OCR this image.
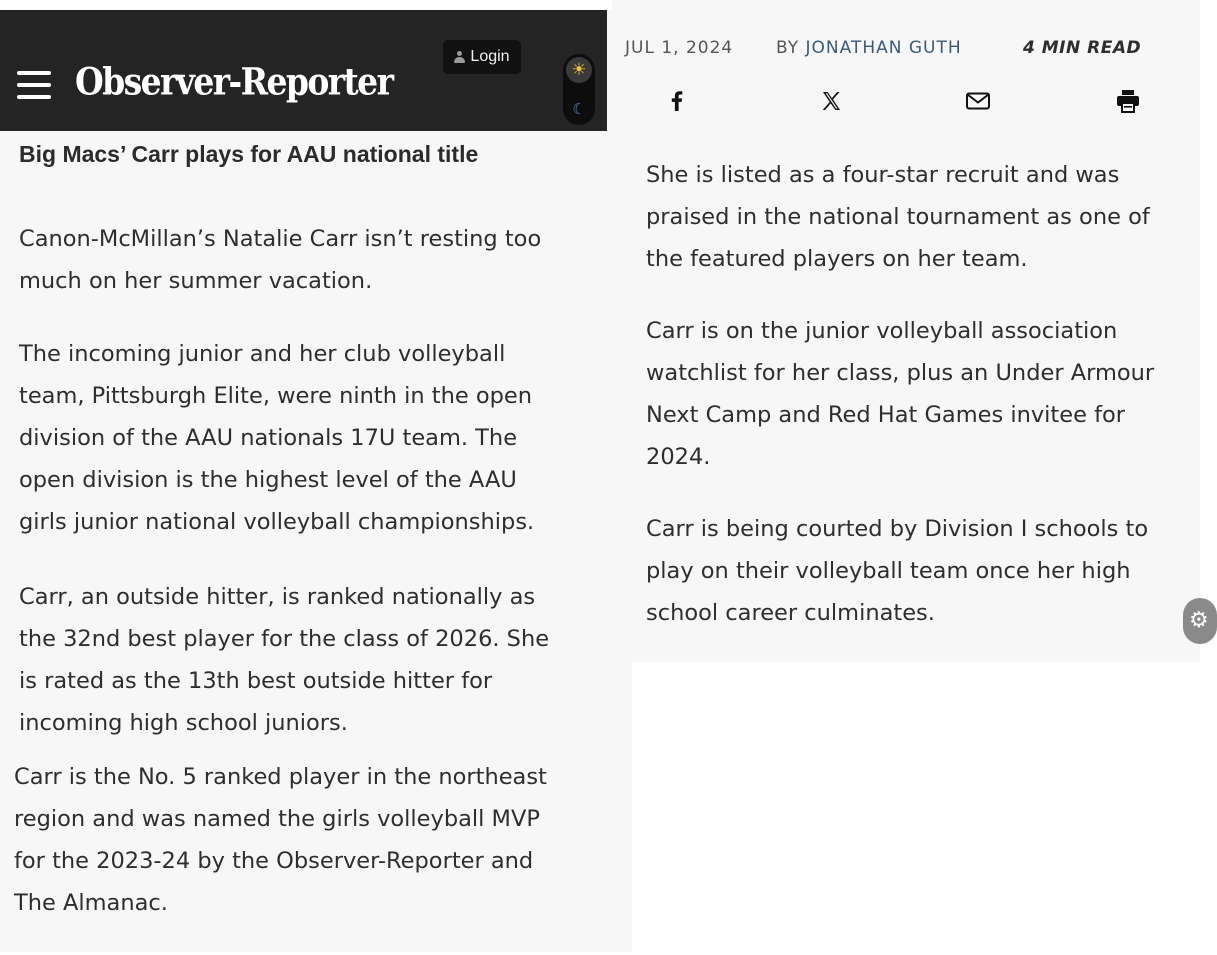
Observer-Reporter
Login
☀
☾
Big Macs’ Carr plays for AAU national title

Canon-McMillan’s Natalie Carr isn’t resting too
much on her summer vacation.

The incoming junior and her club volleyball
team, Pittsburgh Elite, were ninth in the open
division of the AAU nationals 17U team. The
open division is the highest level of the AAU
girls junior national volleyball championships.

Carr, an outside hitter, is ranked nationally as
the 32nd best player for the class of 2026. She
is rated as the 13th best outside hitter for
incoming high school juniors.

Carr is the No. 5 ranked player in the northeast
region and was named the girls volleyball MVP
for the 2023-24 by the Observer-Reporter and
The Almanac.

JUL 1, 2024	BY JONATHAN GUTH	4 MIN READ

She is listed as a four-star recruit and was
praised in the national tournament as one of
the featured players on her team.

Carr is on the junior volleyball association
watchlist for her class, plus an Under Armour
Next Camp and Red Hat Games invitee for
2024.

Carr is being courted by Division I schools to
play on their volleyball team once her high
school career culminates.	⚙
